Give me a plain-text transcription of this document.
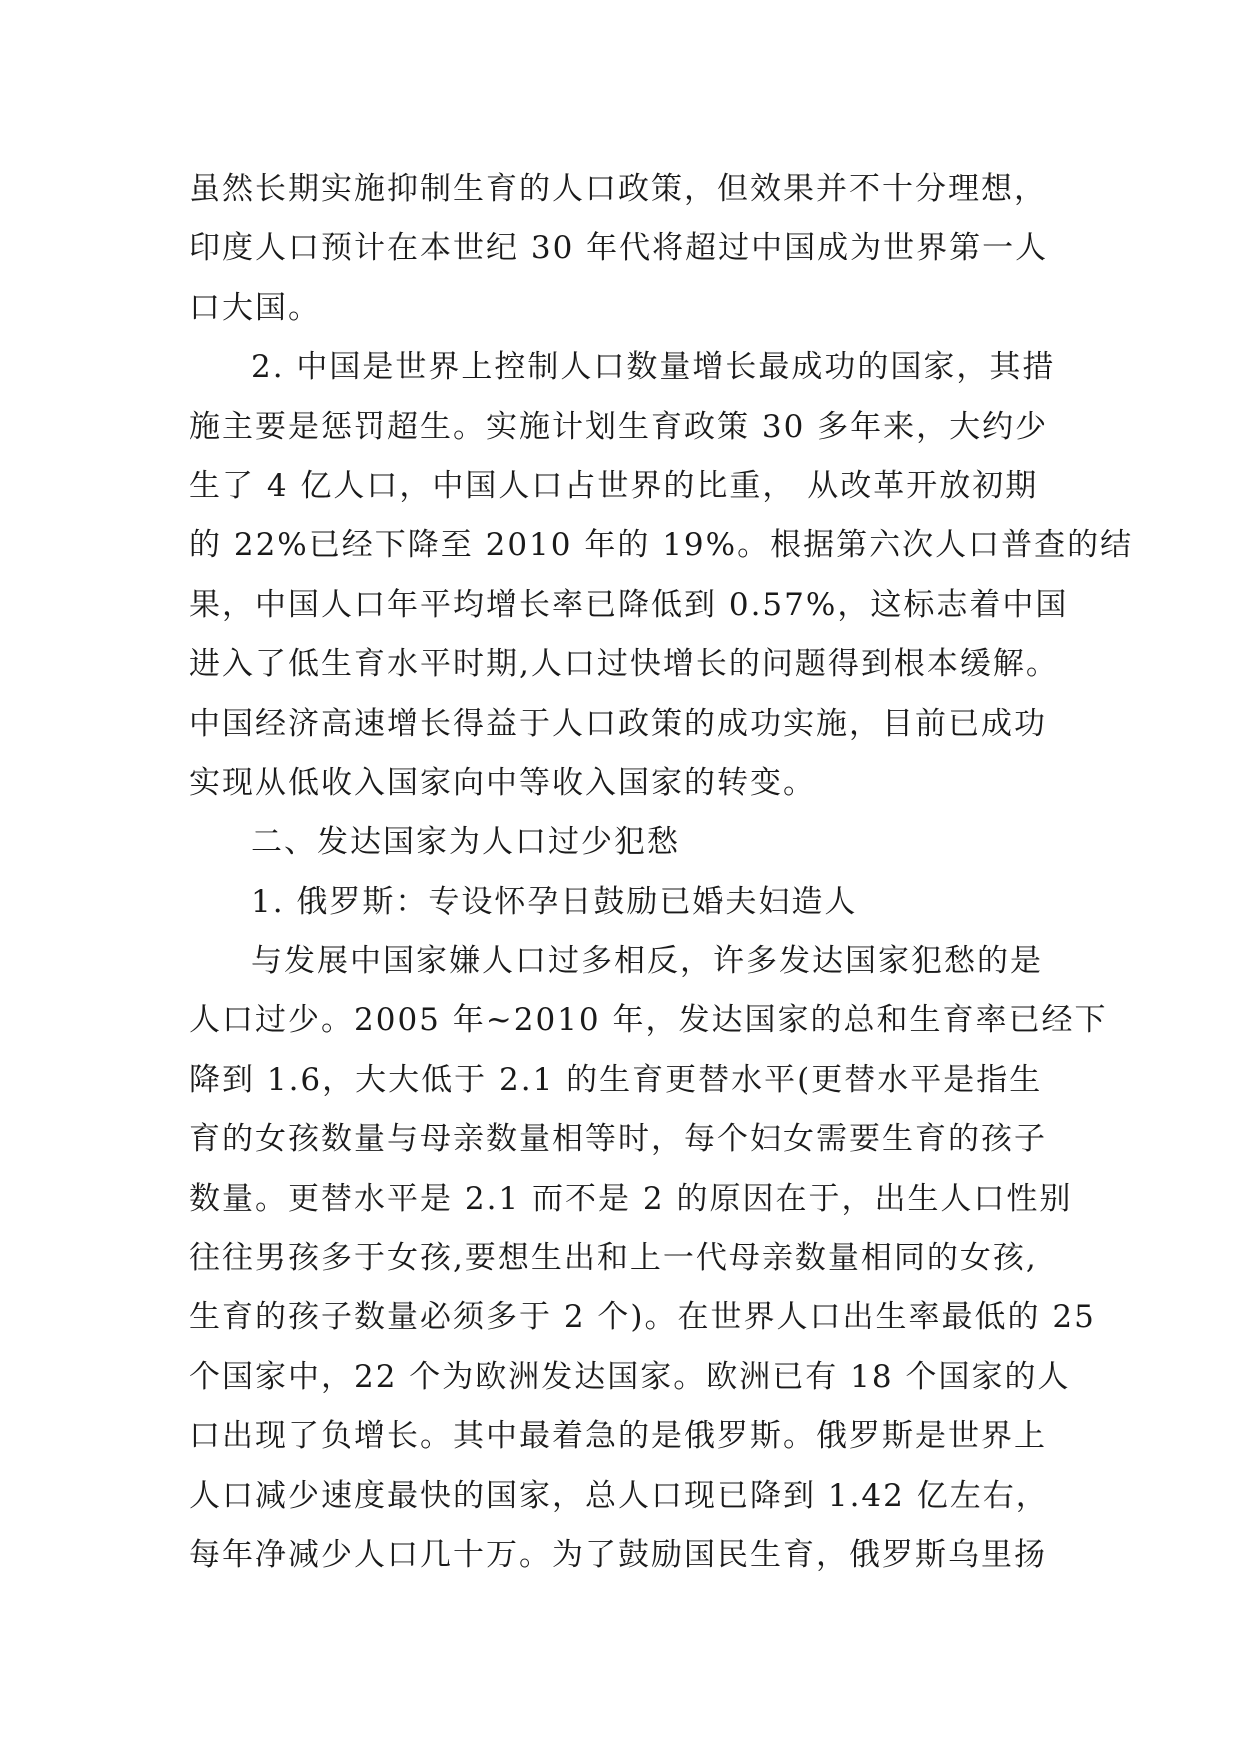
虽然长期实施抑制生育的人口政策，但效果并不十分理想，
印度人口预计在本世纪 30 年代将超过中国成为世界第一人
口大国。
2. 中国是世界上控制人口数量增长最成功的国家，其措
施主要是惩罚超生。实施计划生育政策 30 多年来，大约少
生了 4 亿人口，中国人口占世界的比重， 从改革开放初期
的 22%已经下降至 2010 年的 19%。根据第六次人口普查的结
果，中国人口年平均增长率已降低到 0.57%，这标志着中国
进入了低生育水平时期,人口过快增长的问题得到根本缓解。
中国经济高速增长得益于人口政策的成功实施，目前已成功
实现从低收入国家向中等收入国家的转变。
二、发达国家为人口过少犯愁
1. 俄罗斯：专设怀孕日鼓励已婚夫妇造人
与发展中国家嫌人口过多相反，许多发达国家犯愁的是
人口过少。2005 年~2010 年，发达国家的总和生育率已经下
降到 1.6，大大低于 2.1 的生育更替水平(更替水平是指生
育的女孩数量与母亲数量相等时，每个妇女需要生育的孩子
数量。更替水平是 2.1 而不是 2 的原因在于，出生人口性别
往往男孩多于女孩,要想生出和上一代母亲数量相同的女孩,
生育的孩子数量必须多于 2 个)。在世界人口出生率最低的 25
个国家中，22 个为欧洲发达国家。欧洲已有 18 个国家的人
口出现了负增长。其中最着急的是俄罗斯。俄罗斯是世界上
人口减少速度最快的国家，总人口现已降到 1.42 亿左右，
每年净减少人口几十万。为了鼓励国民生育，俄罗斯乌里扬
